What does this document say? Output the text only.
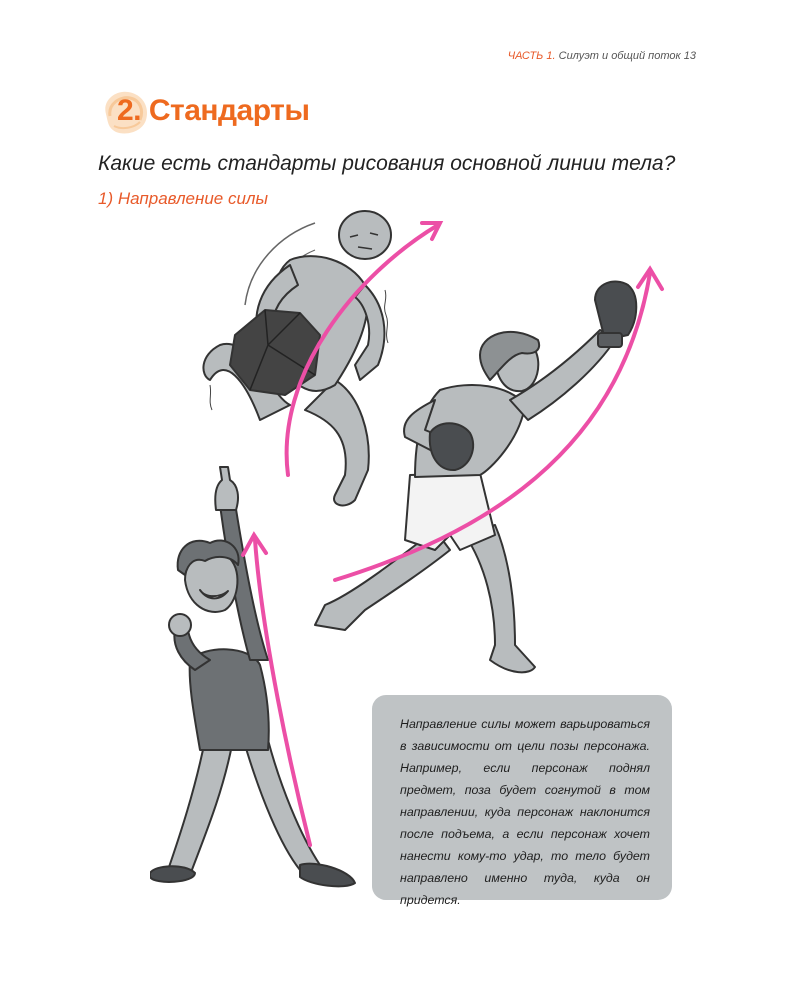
ЧАСТЬ 1. Силуэт и общий поток 13
2. Стандарты
Какие есть стандарты рисования основной линии тела?
1) Направление силы

Направление силы может варьироваться в зависимости от цели позы персонажа. Например, если персонаж поднял предмет, поза будет согнутой в том направлении, куда персонаж наклонится после подъема, а если персонаж хочет нанести кому-то удар, то тело будет направлено именно туда, куда он придется.
